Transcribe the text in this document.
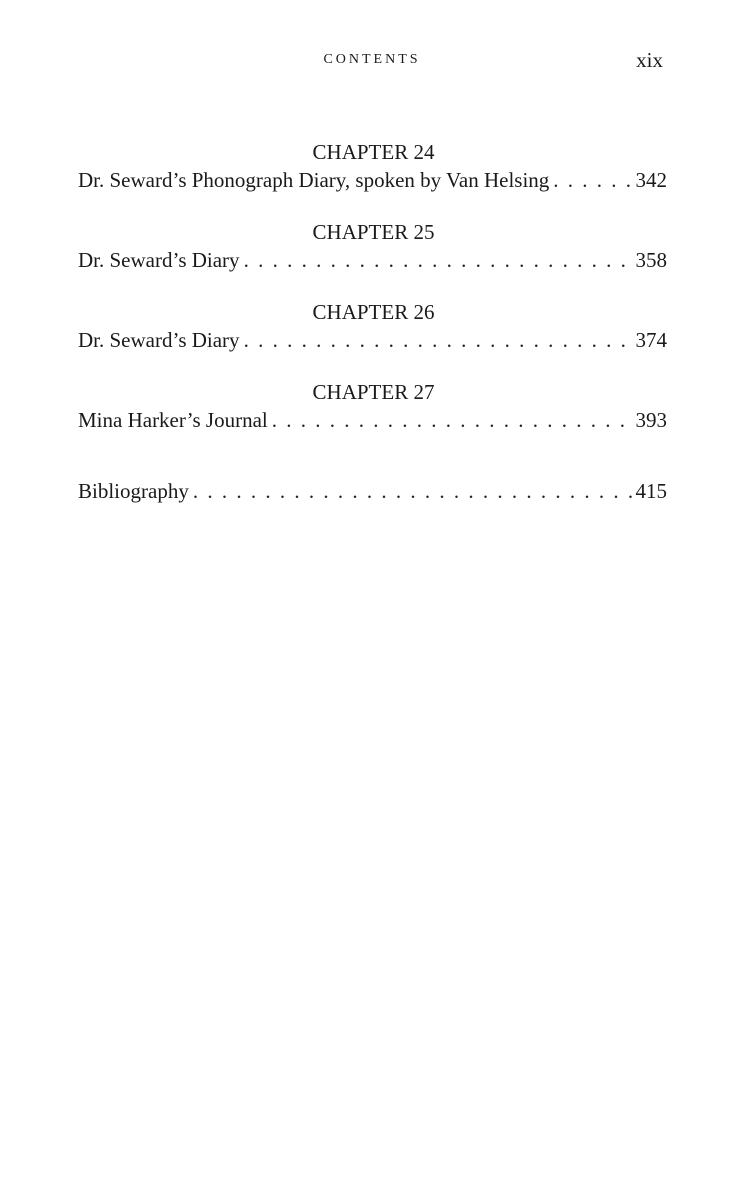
CONTENTS	xix
CHAPTER 24
Dr. Seward’s Phonograph Diary, spoken by Van Helsing . . .	342
CHAPTER 25
Dr. Seward’s Diary . . .	358
CHAPTER 26
Dr. Seward’s Diary . . .	374
CHAPTER 27
Mina Harker’s Journal . . .	393
Bibliography . . .	415
